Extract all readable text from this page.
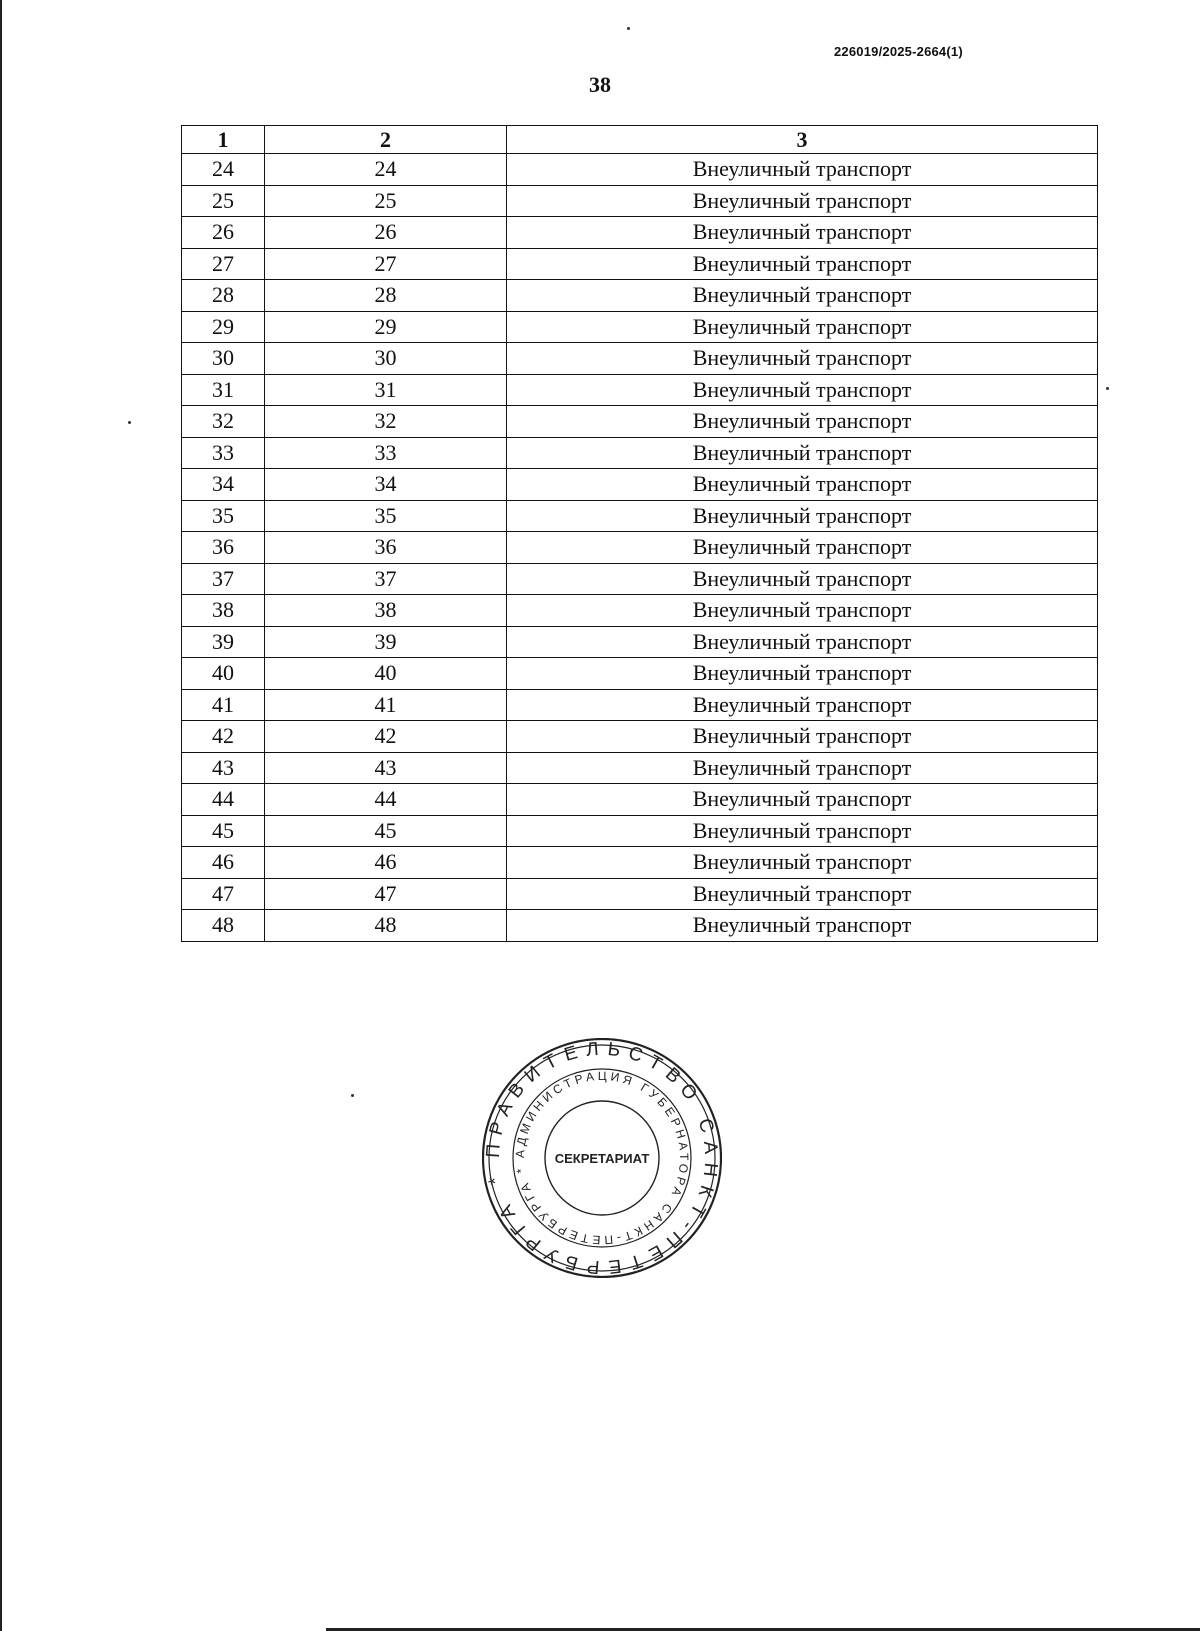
226019/2025-2664(1)
38
1	2	3
24	24	Внеуличный транспорт
25	25	Внеуличный транспорт
26	26	Внеуличный транспорт
27	27	Внеуличный транспорт
28	28	Внеуличный транспорт
29	29	Внеуличный транспорт
30	30	Внеуличный транспорт
31	31	Внеуличный транспорт
32	32	Внеуличный транспорт
33	33	Внеуличный транспорт
34	34	Внеуличный транспорт
35	35	Внеуличный транспорт
36	36	Внеуличный транспорт
37	37	Внеуличный транспорт
38	38	Внеуличный транспорт
39	39	Внеуличный транспорт
40	40	Внеуличный транспорт
41	41	Внеуличный транспорт
42	42	Внеуличный транспорт
43	43	Внеуличный транспорт
44	44	Внеуличный транспорт
45	45	Внеуличный транспорт
46	46	Внеуличный транспорт
47	47	Внеуличный транспорт
48	48	Внеуличный транспорт
ПРАВИТЕЛЬСТВО САНКТ-ПЕТЕРБУРГА *
АДМИНИСТРАЦИЯ ГУБЕРНАТОРА САНКТ-ПЕТЕРБУРГА *
СЕКРЕТАРИАТ
